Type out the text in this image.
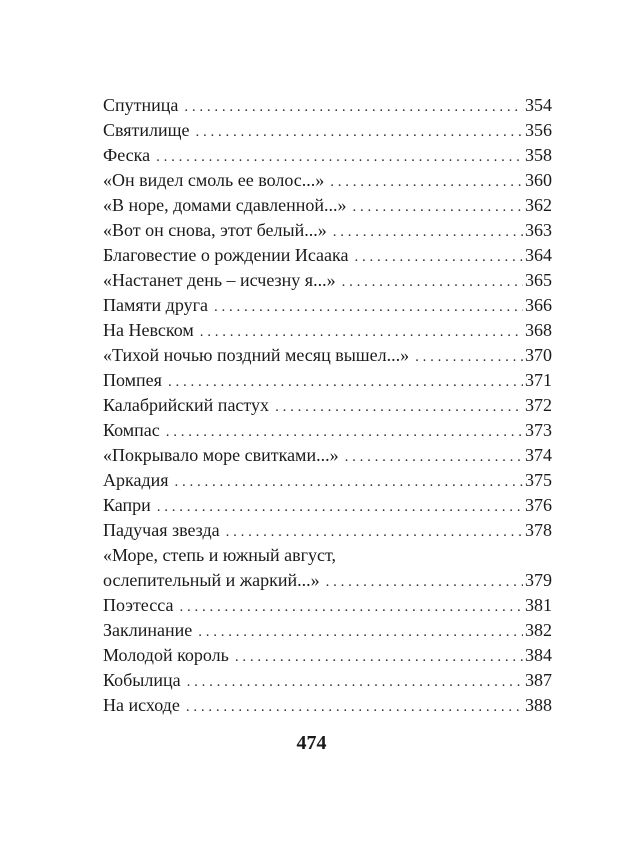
Спутница . . .	354
Святилище . . .	356
Феска . . .	358
«Он видел смоль ее волос...» . . .	360
«В норе, домами сдавленной...» . . .	362
«Вот он снова, этот белый...» . . .	363
Благовестие о рождении Исаака . . .	364
«Настанет день – исчезну я...» . . .	365
Памяти друга . . .	366
На Невском . . .	368
«Тихой ночью поздний месяц вышел...» . . .	370
Помпея . . .	371
Калабрийский пастух . . .	372
Компас . . .	373
«Покрывало море свитками...» . . .	374
Аркадия . . .	375
Капри . . .	376
Падучая звезда . . .	378
«Море, степь и южный август,
ослепительный и жаркий...» . . .	379
Поэтесса . . .	381
Заклинание . . .	382
Молодой король . . .	384
Кобылица . . .	387
На исходе . . .	388
474
